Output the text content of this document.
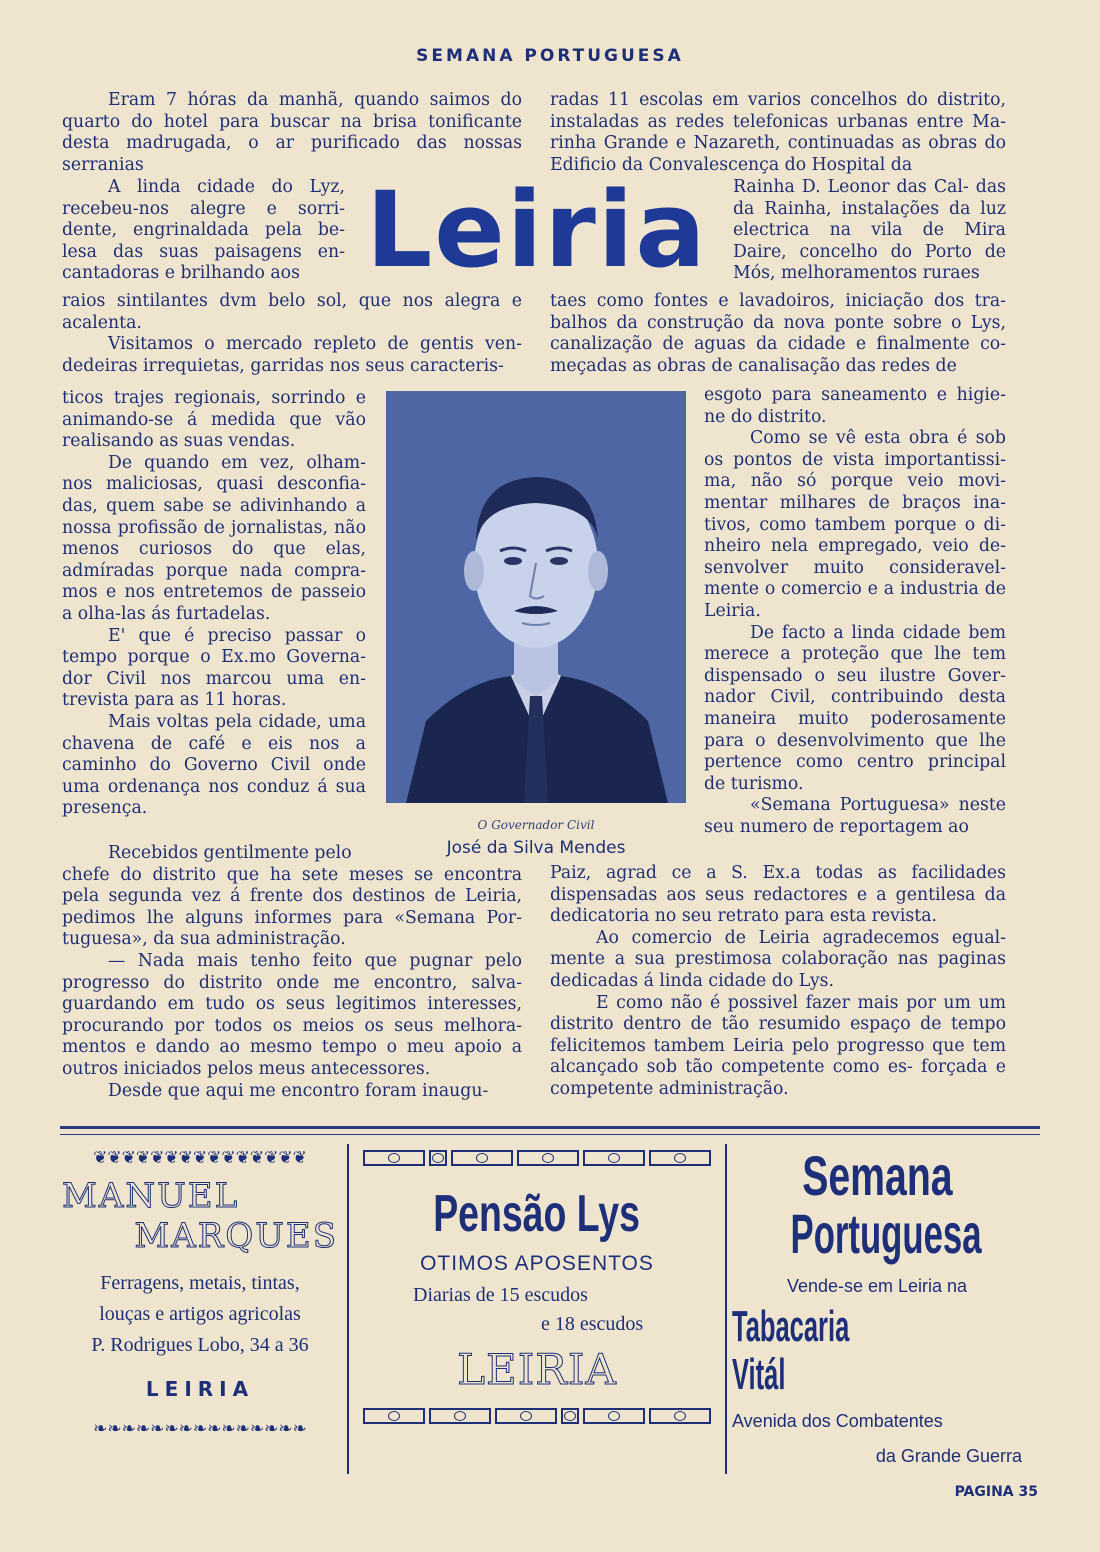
SEMANA PORTUGUESA

Eram 7 hóras da manhã, quando saimos do quarto do hotel para buscar na brisa tonificante desta madrugada, o ar purificado das nossas serranias

A linda cidade do Lyz, recebeu-nos alegre e sorri- dente, engrinaldada pela be- lesa das suas paisagens en- cantadoras e brilhando aos

raios sintilantes dvm belo sol, que nos alegra e acalenta.

Visitamos o mercado repleto de gentis ven- dedeiras irrequietas, garridas nos seus caracteris-

ticos trajes regionais, sorrindo e animando-se á medida que vão realisando as suas vendas.

De quando em vez, olham- nos maliciosas, quasi desconfia- das, quem sabe se adivinhando a nossa profissão de jornalistas, não menos curiosos do que elas, admíradas porque nada compra- mos e nos entretemos de passeio a olha-las ás furtadelas.

E' que é preciso passar o tempo porque o Ex.mo Governa- dor Civil nos marcou uma en- trevista para as 11 horas.

Mais voltas pela cidade, uma chavena de café e eis nos a caminho do Governo Civil onde uma ordenança nos conduz á sua presença.

Recebidos gentilmente pelo

chefe do distrito que ha sete meses se encontra pela segunda vez á frente dos destinos de Leiria, pedimos lhe alguns informes para «Semana Por- tuguesa», da sua administração.

— Nada mais tenho feito que pugnar pelo progresso do distrito onde me encontro, salva- guardando em tudo os seus legitimos interesses, procurando por todos os meios os seus melhora- mentos e dando ao mesmo tempo o meu apoio a outros iniciados pelos meus antecessores.

Desde que aqui me encontro foram inaugu-

Leiria

radas 11 escolas em varios concelhos do distrito, instaladas as redes telefonicas urbanas entre Ma- rinha Grande e Nazareth, continuadas as obras do Edificio da Convalescença do Hospital da

Rainha D. Leonor das Cal- das da Rainha, instalações da luz electrica na vila de Mira Daire, concelho do Porto de Mós, melhoramentos ruraes

taes como fontes e lavadoiros, iniciação dos tra- balhos da construção da nova ponte sobre o Lys, canalização de aguas da cidade e finalmente co- meçadas as obras de canalisação das redes de

esgoto para saneamento e higie- ne do distrito.

Como se vê esta obra é sob os pontos de vista importantissi- ma, não só porque veio movi- mentar milhares de braços ina- tivos, como tambem porque o di- nheiro nela empregado, veio de- senvolver muito consideravel- mente o comercio e a industria de Leiria.

De facto a linda cidade bem merece a proteção que lhe tem dispensado o seu ilustre Gover- nador Civil, contribuindo desta maneira muito poderosamente para o desenvolvimento que lhe pertence como centro principal de turismo.

«Semana Portuguesa» neste seu numero de reportagem ao

Paiz, agrad ce a S. Ex.a todas as facilidades dispensadas aos seus redactores e a gentilesa da dedicatoria no seu retrato para esta revista.

Ao comercio de Leiria agradecemos egual- mente a sua prestimosa colaboração nas paginas dedicadas á linda cidade do Lys.

E como não é possivel fazer mais por um um distrito dentro de tão resumido espaço de tempo felicitemos tambem Leiria pelo progresso que tem alcançado sob tão competente como es- forçada e competente administração.

O Governador Civil
José da Silva Mendes
❦❦❦❦❦❦❦❦❦❦❦❦❦❦❦
MANUEL
MARQUES
Ferragens, metais, tintas,
louças e artigos agricolas
P. Rodrigues Lobo, 34 a 36
LEIRIA
❧❧❧❧❧❧❧❧❧❧❧❧❧❧❧
Pensão Lys
OTIMOS APOSENTOS
Diarias de 15 escudos
e 18 escudos
LEIRIA
Semana
Portuguesa
Vende-se em Leiria na
Tabacaria Vitál
Avenida dos Combatentes
da Grande Guerra
PAGINA 35
